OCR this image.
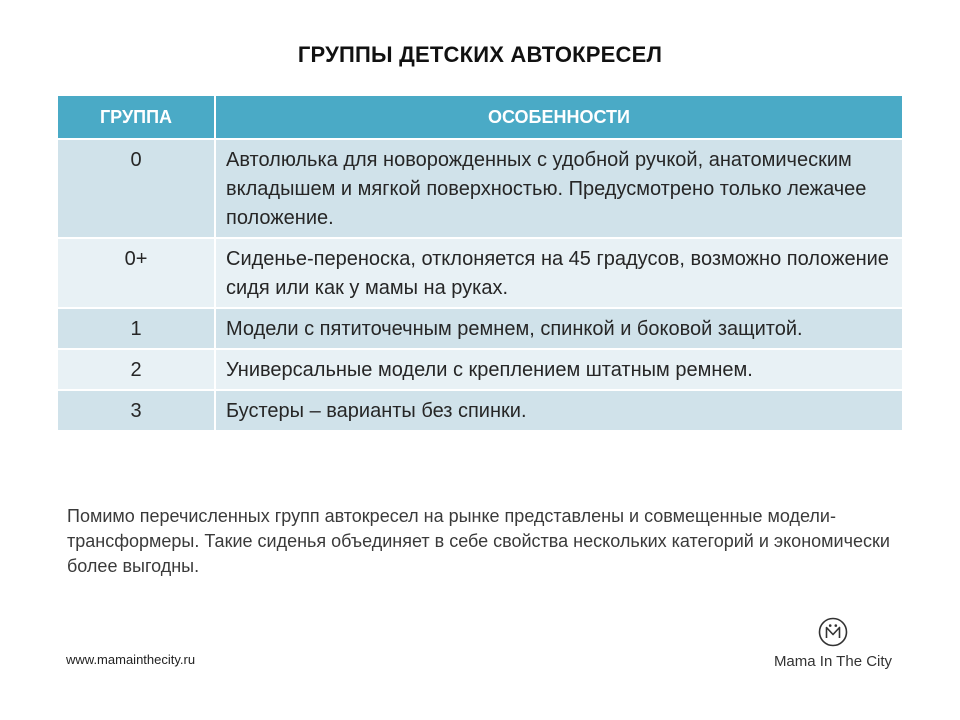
ГРУППЫ ДЕТСКИХ АВТОКРЕСЕЛ
ГРУППА	ОСОБЕННОСТИ
0	Автолюлька для новорожденных с удобной ручкой, анатомическим вкладышем и мягкой поверхностью. Предусмотрено только лежачее положение.
0+	Сиденье-переноска, отклоняется на 45 градусов, возможно положение сидя или как у мамы на руках.
1	Модели с пятиточечным ремнем, спинкой и боковой защитой.
2	Универсальные модели с креплением штатным ремнем.
3	Бустеры – варианты без спинки.
Помимо перечисленных групп автокресел на рынке представлены и совмещенные модели-трансформеры. Такие сиденья объединяет в себе свойства нескольких категорий и экономически более выгодны.
www.mamainthecity.ru	Mama In The City
